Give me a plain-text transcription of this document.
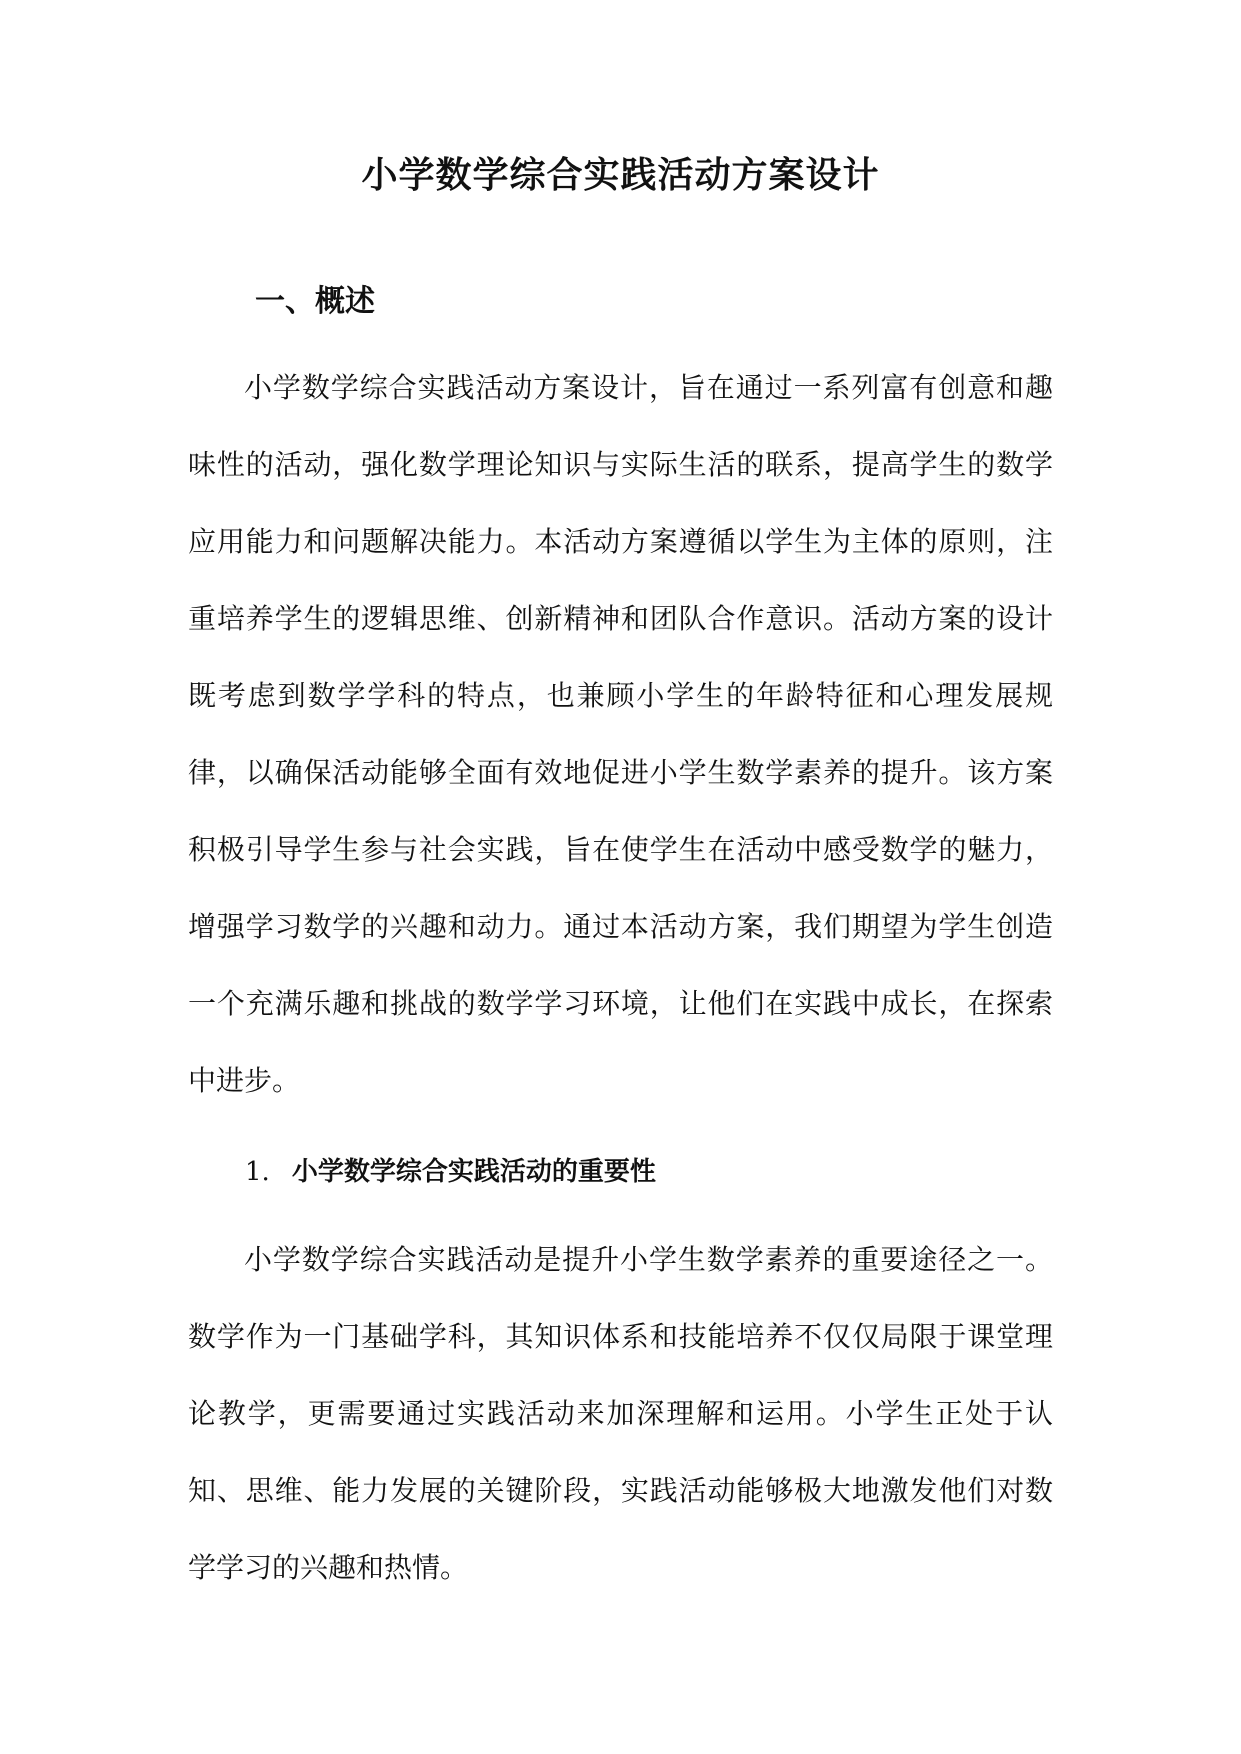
小学数学综合实践活动方案设计
一、概述
小学数学综合实践活动方案设计，旨在通过一系列富有创意和趣味性的活动，强化数学理论知识与实际生活的联系，提高学生的数学应用能力和问题解决能力。本活动方案遵循以学生为主体的原则，注重培养学生的逻辑思维、创新精神和团队合作意识。活动方案的设计既考虑到数学学科的特点，也兼顾小学生的年龄特征和心理发展规律，以确保活动能够全面有效地促进小学生数学素养的提升。该方案积极引导学生参与社会实践，旨在使学生在活动中感受数学的魅力，增强学习数学的兴趣和动力。通过本活动方案，我们期望为学生创造一个充满乐趣和挑战的数学学习环境，让他们在实践中成长，在探索中进步。
1. 小学数学综合实践活动的重要性
小学数学综合实践活动是提升小学生数学素养的重要途径之一。数学作为一门基础学科，其知识体系和技能培养不仅仅局限于课堂理论教学，更需要通过实践活动来加深理解和运用。小学生正处于认知、思维、能力发展的关键阶段，实践活动能够极大地激发他们对数学学习的兴趣和热情。
